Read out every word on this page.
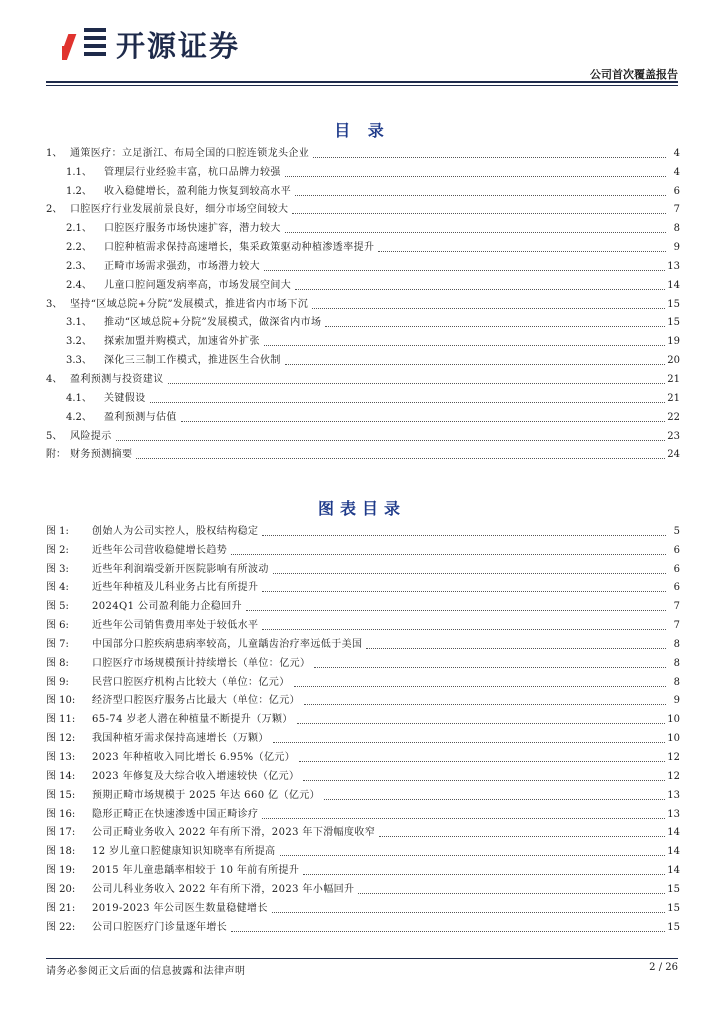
开源证券
公司首次覆盖报告
目 录
1、 通策医疗：立足浙江、布局全国的口腔连锁龙头企业	4
1.1、 管理层行业经验丰富，杭口品牌力较强	4
1.2、 收入稳健增长，盈利能力恢复到较高水平	6
2、 口腔医疗行业发展前景良好，细分市场空间较大	7
2.1、 口腔医疗服务市场快速扩容，潜力较大	8
2.2、 口腔种植需求保持高速增长，集采政策驱动种植渗透率提升	9
2.3、 正畸市场需求强劲，市场潜力较大	13
2.4、 儿童口腔问题发病率高，市场发展空间大	14
3、 坚持“区域总院+分院”发展模式，推进省内市场下沉	15
3.1、 推动“区域总院+分院”发展模式，做深省内市场	15
3.2、 探索加盟并购模式，加速省外扩张	19
3.3、 深化三三制工作模式，推进医生合伙制	20
4、 盈利预测与投资建议	21
4.1、 关键假设	21
4.2、 盈利预测与估值	22
5、 风险提示	23
附： 财务预测摘要	24
图表目录
图 1:	创始人为公司实控人，股权结构稳定	5
图 2:	近些年公司营收稳健增长趋势	6
图 3:	近些年利润端受新开医院影响有所波动	6
图 4:	近些年种植及儿科业务占比有所提升	6
图 5:	2024Q1 公司盈利能力企稳回升	7
图 6:	近些年公司销售费用率处于较低水平	7
图 7:	中国部分口腔疾病患病率较高，儿童龋齿治疗率远低于美国	8
图 8:	口腔医疗市场规模预计持续增长（单位：亿元）	8
图 9:	民营口腔医疗机构占比较大（单位：亿元）	8
图 10:	经济型口腔医疗服务占比最大（单位：亿元）	9
图 11:	65-74 岁老人潜在种植量不断提升（万颗）	10
图 12:	我国种植牙需求保持高速增长（万颗）	10
图 13:	2023 年种植收入同比增长 6.95%（亿元）	12
图 14:	2023 年修复及大综合收入增速较快（亿元）	12
图 15:	预期正畸市场规模于 2025 年达 660 亿（亿元）	13
图 16:	隐形正畸正在快速渗透中国正畸诊疗	13
图 17:	公司正畸业务收入 2022 年有所下滑，2023 年下滑幅度收窄	14
图 18:	12 岁儿童口腔健康知识知晓率有所提高	14
图 19:	2015 年儿童患龋率相较于 10 年前有所提升	14
图 20:	公司儿科业务收入 2022 年有所下滑，2023 年小幅回升	15
图 21:	2019-2023 年公司医生数量稳健增长	15
图 22:	公司口腔医疗门诊量逐年增长	15
请务必参阅正文后面的信息披露和法律声明	2 / 26
